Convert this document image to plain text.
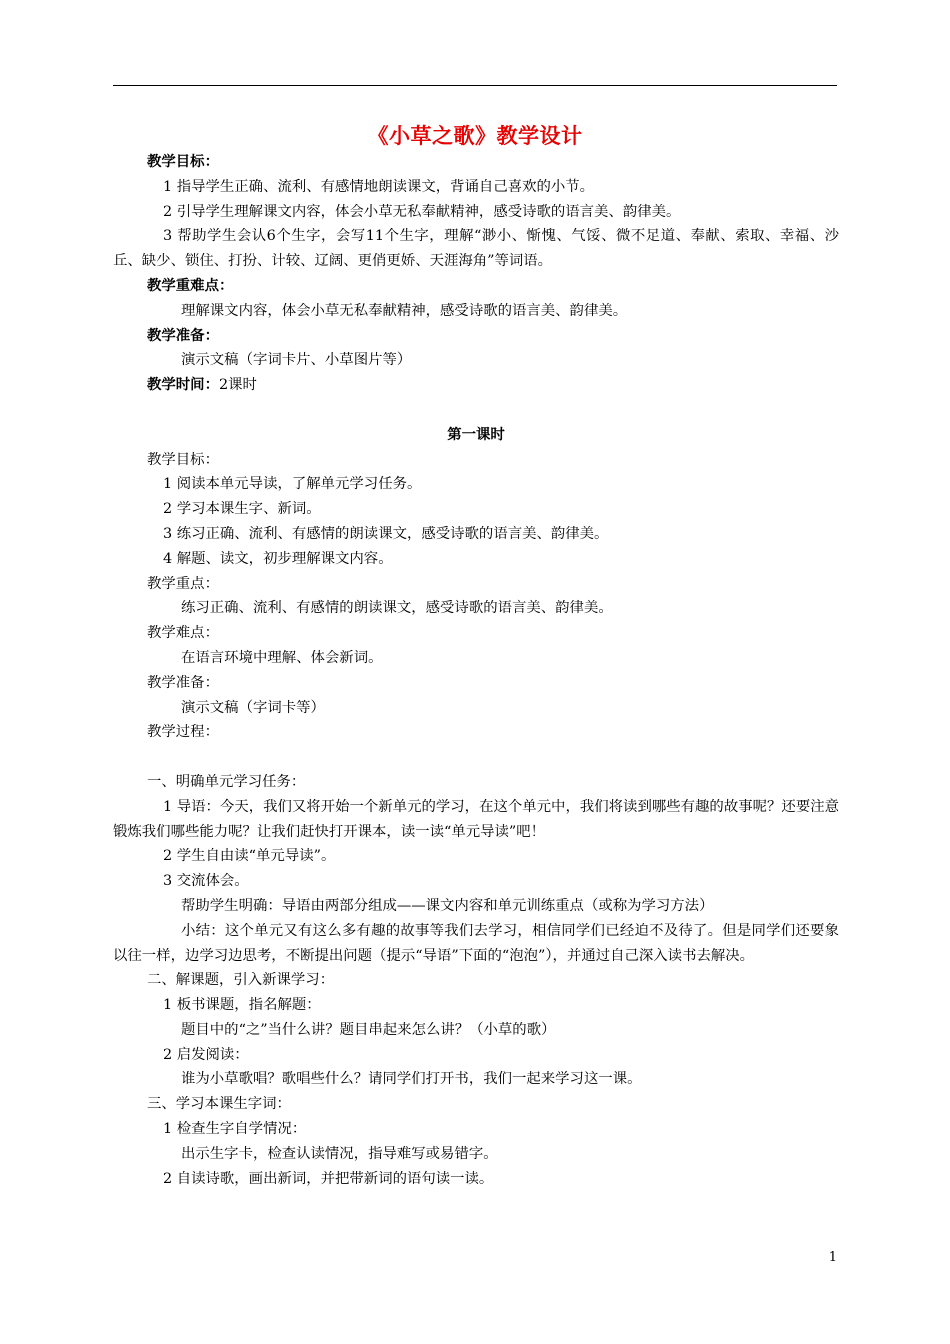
《小草之歌》教学设计

教学目标：

1 指导学生正确、流利、有感情地朗读课文，背诵自己喜欢的小节。

2 引导学生理解课文内容，体会小草无私奉献精神，感受诗歌的语言美、韵律美。

3 帮助学生会认6个生字，会写11个生字，理解“渺小、惭愧、气馁、微不足道、奉献、索取、幸福、沙丘、缺少、锁住、打扮、计较、辽阔、更俏更娇、天涯海角”等词语。

教学重难点：

理解课文内容，体会小草无私奉献精神，感受诗歌的语言美、韵律美。

教学准备：

演示文稿（字词卡片、小草图片等）

教学时间：2课时

第一课时

教学目标：

1 阅读本单元导读，了解单元学习任务。

2 学习本课生字、新词。

3 练习正确、流利、有感情的朗读课文，感受诗歌的语言美、韵律美。

4 解题、读文，初步理解课文内容。

教学重点：

练习正确、流利、有感情的朗读课文，感受诗歌的语言美、韵律美。

教学难点：

在语言环境中理解、体会新词。

教学准备：

演示文稿（字词卡等）

教学过程：

一、明确单元学习任务：

1 导语：今天，我们又将开始一个新单元的学习，在这个单元中，我们将读到哪些有趣的故事呢？还要注意锻炼我们哪些能力呢？让我们赶快打开课本，读一读“单元导读”吧！

2 学生自由读“单元导读”。

3 交流体会。

帮助学生明确：导语由两部分组成——课文内容和单元训练重点（或称为学习方法）

小结：这个单元又有这么多有趣的故事等我们去学习，相信同学们已经迫不及待了。但是同学们还要象以往一样，边学习边思考，不断提出问题（提示“导语”下面的“泡泡”），并通过自己深入读书去解决。

二、解课题，引入新课学习：

1 板书课题，指名解题：

题目中的“之”当什么讲？题目串起来怎么讲？（小草的歌）

2 启发阅读：

谁为小草歌唱？歌唱些什么？请同学们打开书，我们一起来学习这一课。

三、学习本课生字词：

1 检查生字自学情况：

出示生字卡，检查认读情况，指导难写或易错字。

2 自读诗歌，画出新词，并把带新词的语句读一读。

1
